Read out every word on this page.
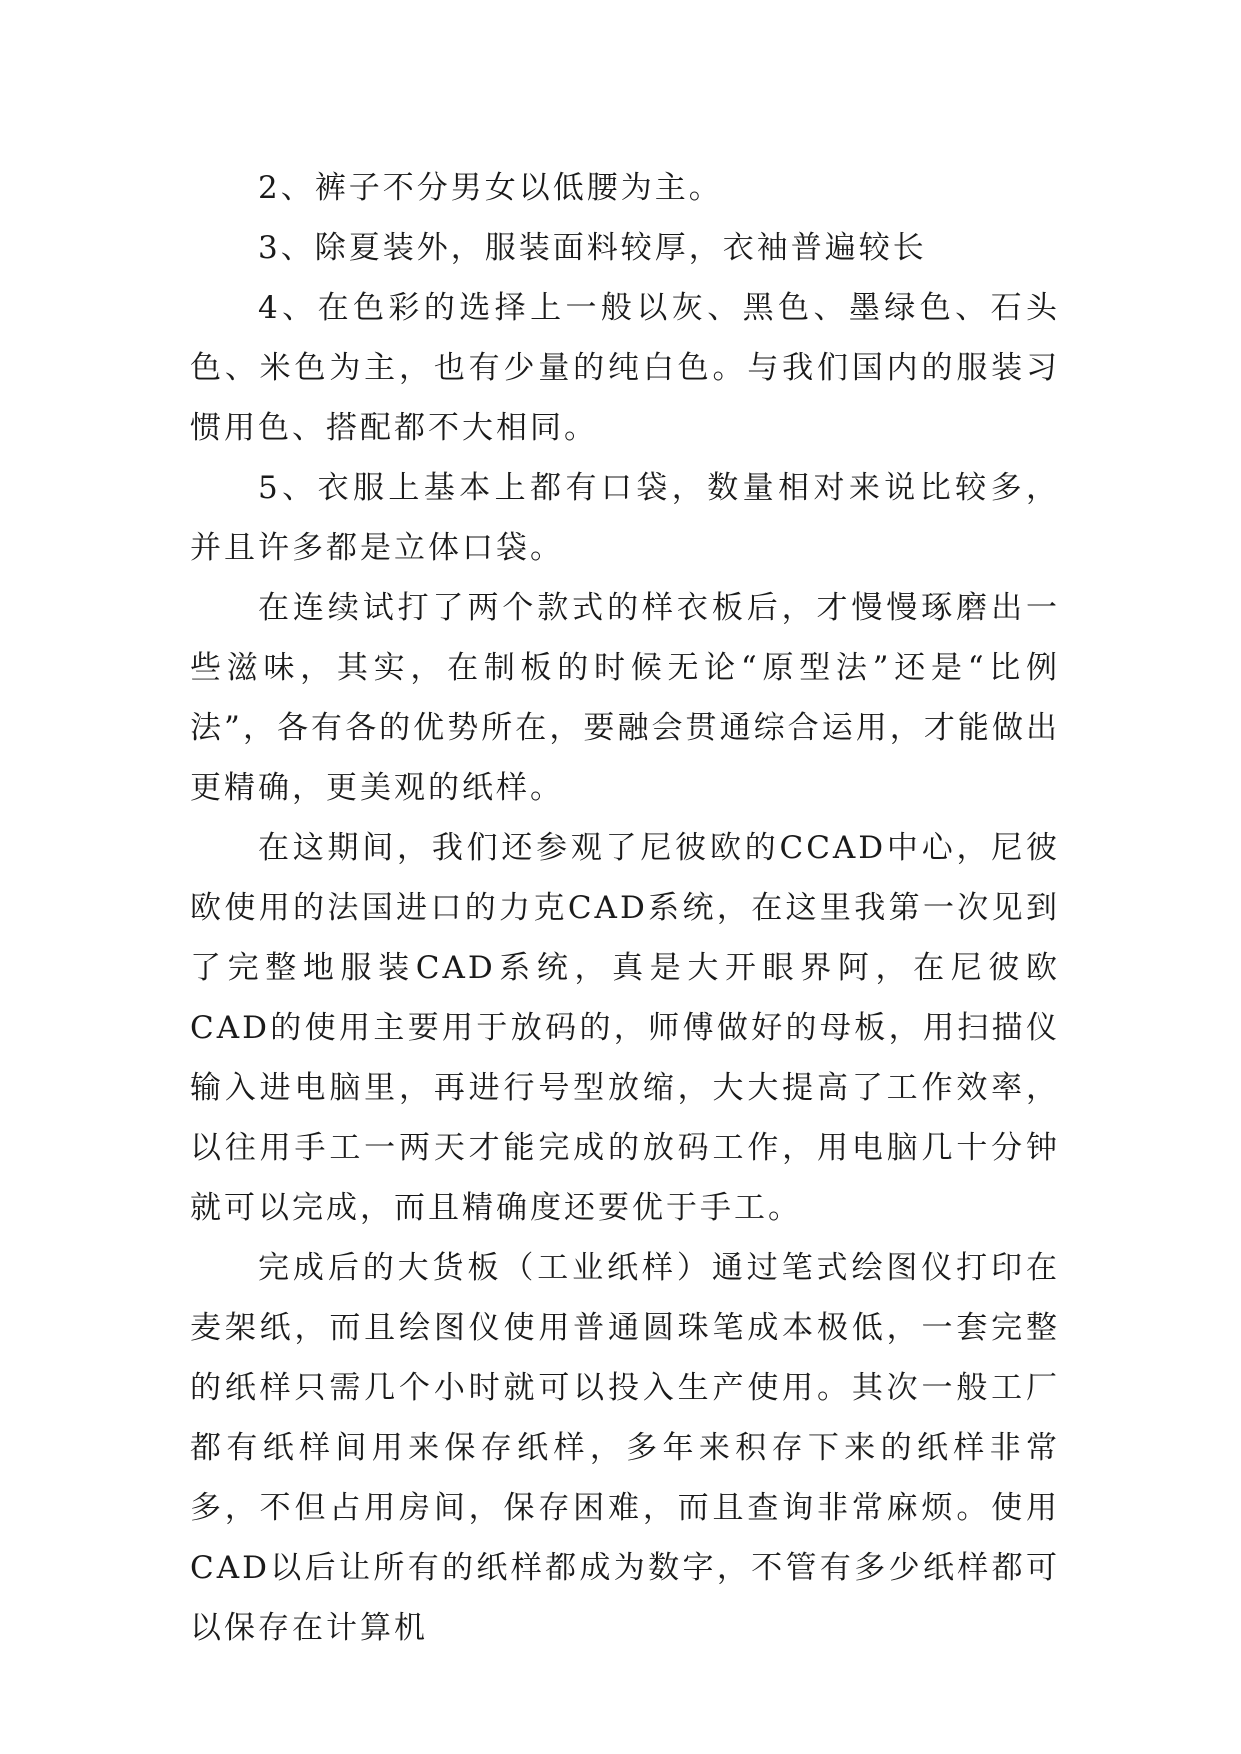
2、裤子不分男女以低腰为主。

3、除夏装外，服装面料较厚，衣袖普遍较长

4、在色彩的选择上一般以灰、黑色、墨绿色、石头色、米色为主，也有少量的纯白色。与我们国内的服装习惯用色、搭配都不大相同。

5、衣服上基本上都有口袋，数量相对来说比较多，并且许多都是立体口袋。

在连续试打了两个款式的样衣板后，才慢慢琢磨出一些滋味，其实，在制板的时候无论“原型法”还是“比例法”，各有各的优势所在，要融会贯通综合运用，才能做出更精确，更美观的纸样。

在这期间，我们还参观了尼彼欧的CCAD中心，尼彼欧使用的法国进口的力克CAD系统，在这里我第一次见到了完整地服装CAD系统，真是大开眼界阿，在尼彼欧CAD的使用主要用于放码的，师傅做好的母板，用扫描仪输入进电脑里，再进行号型放缩，大大提高了工作效率，以往用手工一两天才能完成的放码工作，用电脑几十分钟就可以完成，而且精确度还要优于手工。

完成后的大货板（工业纸样）通过笔式绘图仪打印在麦架纸，而且绘图仪使用普通圆珠笔成本极低，一套完整的纸样只需几个小时就可以投入生产使用。其次一般工厂都有纸样间用来保存纸样，多年来积存下来的纸样非常多，不但占用房间，保存困难，而且查询非常麻烦。使用CAD以后让所有的纸样都成为数字，不管有多少纸样都可以保存在计算机
